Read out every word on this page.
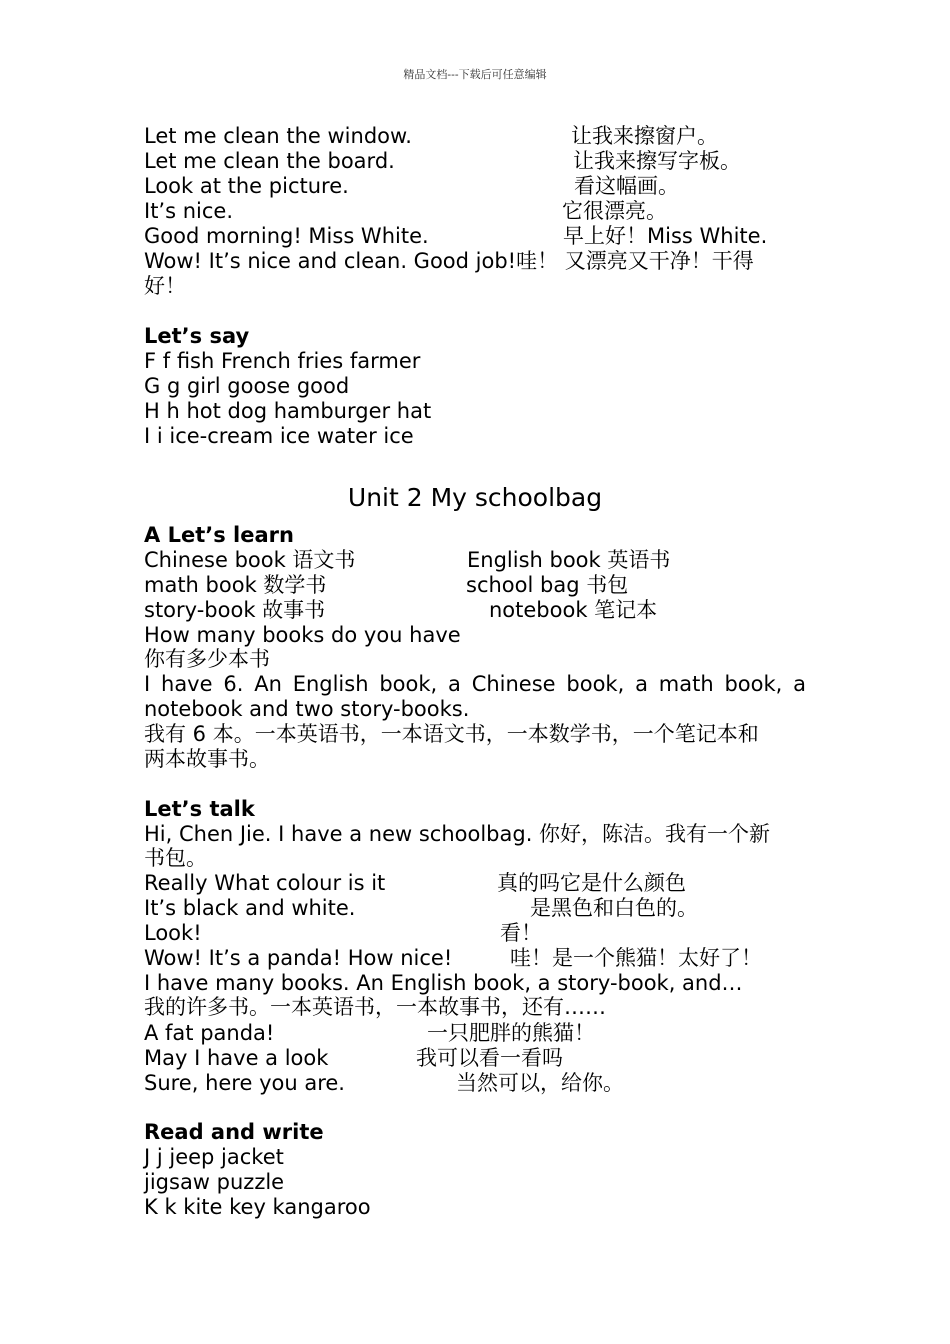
精品文档---下载后可任意编辑
Let me clean the window.	让我来擦窗户。
Let me clean the board.	让我来擦写字板。
Look at the picture.	看这幅画。
It’s nice.	它很漂亮。
Good morning! Miss White.	早上好！Miss White.
Wow! It’s nice and clean. Good job!哇！ 又漂亮又干净！干得
好！
Let’s say
F f fish French fries farmer
G g girl goose good
H h hot dog hamburger hat
I i ice-cream ice water ice
Unit 2 My schoolbag
A Let’s learn
Chinese book 语文书	English book 英语书
math book 数学书	school bag 书包
story-book 故事书	notebook 笔记本
How many books do you have
你有多少本书
I have 6. An English book, a Chinese book, a math book, a
notebook and two story-books.
我有 6 本。一本英语书，一本语文书，一本数学书，一个笔记本和
两本故事书。
Let’s talk
Hi, Chen Jie. I have a new schoolbag. 你好，陈洁。我有一个新
书包。
Really What colour is it	真的吗它是什么颜色
It’s black and white.	是黑色和白色的。
Look!	看！
Wow! It’s a panda! How nice!	哇！是一个熊猫！太好了！
I have many books. An English book, a story-book, and…
我的许多书。一本英语书，一本故事书，还有……
A fat panda!	一只肥胖的熊猫！
May I have a look	我可以看一看吗
Sure, here you are.	当然可以，给你。
Read and write
J j jeep jacket
jigsaw puzzle
K k kite key kangaroo
